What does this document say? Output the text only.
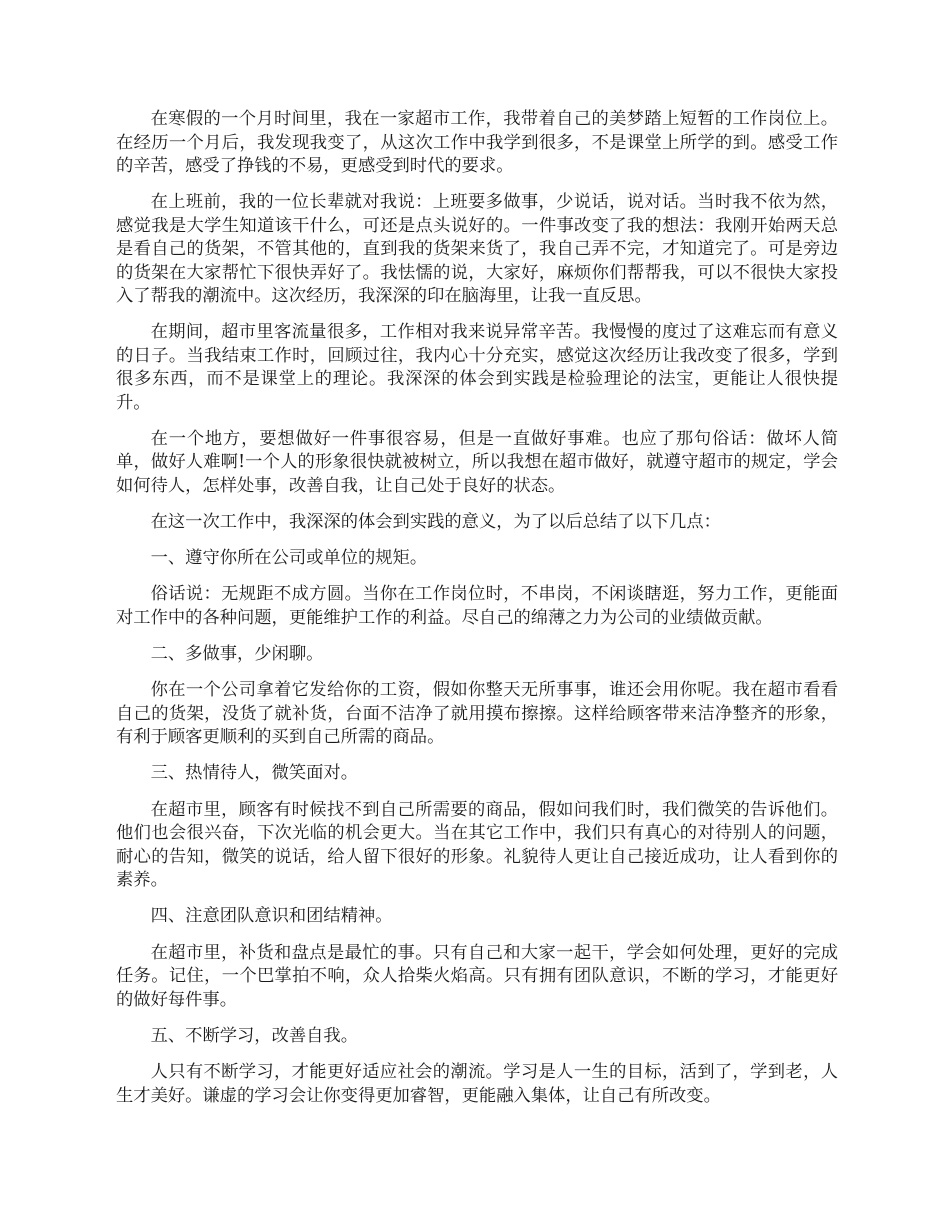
在寒假的一个月时间里，我在一家超市工作，我带着自己的美梦踏上短暂的工作岗位上。在经历一个月后，我发现我变了，从这次工作中我学到很多，不是课堂上所学的到。感受工作的辛苦，感受了挣钱的不易，更感受到时代的要求。

在上班前，我的一位长辈就对我说：上班要多做事，少说话，说对话。当时我不依为然，感觉我是大学生知道该干什么，可还是点头说好的。一件事改变了我的想法：我刚开始两天总是看自己的货架，不管其他的，直到我的货架来货了，我自己弄不完，才知道完了。可是旁边的货架在大家帮忙下很快弄好了。我怯懦的说，大家好，麻烦你们帮帮我，可以不很快大家投入了帮我的潮流中。这次经历，我深深的印在脑海里，让我一直反思。

在期间，超市里客流量很多，工作相对我来说异常辛苦。我慢慢的度过了这难忘而有意义的日子。当我结束工作时，回顾过往，我内心十分充实，感觉这次经历让我改变了很多，学到很多东西，而不是课堂上的理论。我深深的体会到实践是检验理论的法宝，更能让人很快提升。

在一个地方，要想做好一件事很容易，但是一直做好事难。也应了那句俗话：做坏人简单，做好人难啊!一个人的形象很快就被树立，所以我想在超市做好，就遵守超市的规定，学会如何待人，怎样处事，改善自我，让自己处于良好的状态。

在这一次工作中，我深深的体会到实践的意义，为了以后总结了以下几点：

一、遵守你所在公司或单位的规矩。

俗话说：无规距不成方圆。当你在工作岗位时，不串岗，不闲谈瞎逛，努力工作，更能面对工作中的各种问题，更能维护工作的利益。尽自己的绵薄之力为公司的业绩做贡献。

二、多做事，少闲聊。

你在一个公司拿着它发给你的工资，假如你整天无所事事，谁还会用你呢。我在超市看看自己的货架，没货了就补货，台面不洁净了就用摸布擦擦。这样给顾客带来洁净整齐的形象，有利于顾客更顺利的买到自己所需的商品。

三、热情待人，微笑面对。

在超市里，顾客有时候找不到自己所需要的商品，假如问我们时，我们微笑的告诉他们。他们也会很兴奋，下次光临的机会更大。当在其它工作中，我们只有真心的对待别人的问题，耐心的告知，微笑的说话，给人留下很好的形象。礼貌待人更让自己接近成功，让人看到你的素养。

四、注意团队意识和团结精神。

在超市里，补货和盘点是最忙的事。只有自己和大家一起干，学会如何处理，更好的完成任务。记住，一个巴掌拍不响，众人拾柴火焰高。只有拥有团队意识，不断的学习，才能更好的做好每件事。

五、不断学习，改善自我。

人只有不断学习，才能更好适应社会的潮流。学习是人一生的目标，活到了，学到老，人生才美好。谦虚的学习会让你变得更加睿智，更能融入集体，让自己有所改变。
